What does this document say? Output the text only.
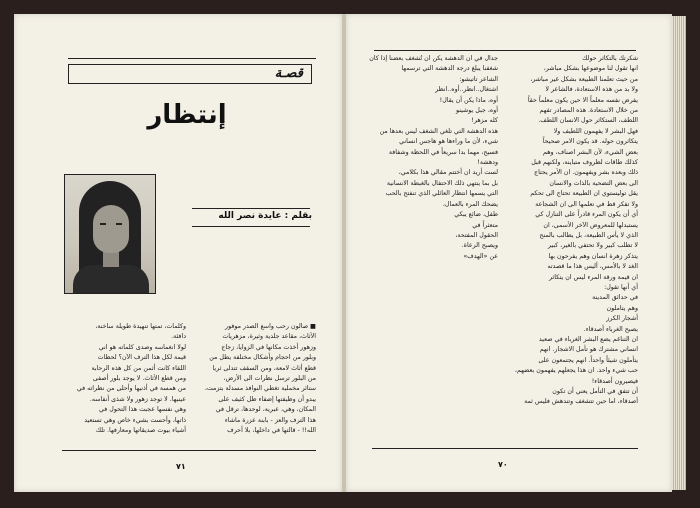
قصـة
إنتظار
بقلم : عايدة نصر الله

■ صالون رحب واسع الصدر موفور

الأثاث، مقاعد جلدية وثيرة، مزهريات

وزهور أخذت مكانها في الزوايا، زجاج

وبلور من احجام وأشكال مختلفة يطل من

قطع أثاث لامعة، ومن السقف تتدلى ثريا

من البلور ترسل نظرات الى الأرض،

ستائر مخملية تغطي النوافذ مسدلة بتزمت،

يبدو أن وظيفتها إضفاء ظل كثيف على

المكان، وهي، عبرية، لوحدها، ترقل في

هذا الترف والعز - بابنة عزرة ماشاء

الله!! - قالتها في داخلها، بلا أحرف

وكلمات، تمتها تنهيدة طويلة ساخنة،

دافئة.

لولا انغماسه وصدى كلماته هو اني

قيمة لكل هذا الترف الآن؟ لحظات

اللقاء كانت أثمن من كل هذه الرحابة

ومن قطع الأثاث. لا يوجد بلور أصفى

من همسة في أذنيها وأحلى من نظراته في

عينيها. لا توجد زهور ولا شذى أنفاسه.

وهي نفسها عجبت هذا التحول في

ذاتها، وأحست بشيء خاص وهي تستعيد

أشياء بيوت صديقاتها ومعارفها. تلك

٧١

شكرتك بالتكاثر حولك

انها تقول لنا موضوعها بشكل مباشر،

من حيث تعلمنا الطبيعة بشكل غير مباشر،

ولا بد من هذه الاستعادة، فالشاعر لا

يفرض نفسه معلماً الا حين يكون معلماً حقاً

من خلال الاستعادة. هذه المصادر تفهم

اللطف، الستكاثر حول الانسان اللطف.

فهل البشر لا يفهمون اللطيف ولا

يتكاثرون حوله. قد يكون الامر صحيحاً

بعض الشيء، لأن البشر اصناف، وهم

كذلك طاقات لظروف متباينة، ولكنهم قبل

ذلك وبعده بشر ويفهمون. ان الأمر يحتاج

الى بعض التضحية بالذات والانسان

يقل توليستوي ان الطبيعة تحتاج الى تحكم

ولا تفكر قط في تعلمها الى ان الشجاعة

أي أن يكون المرء قادراً على التنازل كي

يستبدلها للمعروض الآخر الأسمى، ان

الذي لا يأس الطبيعة، بل يطالب بالمنح

لا تطلب كبير ولا تحتفي بالغير، كبير

يتذكر زهرة انسان وهم يفرحون بها

الغد لا بالأمس، أليس هذا ما قصدته

ان قيمة ورقة المرء ليس ان يتكاثر

أي أنها تقول:

في حدائق المدينة

وهم يتاملون

أشجار الكرز

يصبح الغرباء أصدقاء.

ان التناغم يضع البشر الغرباء في صعيد

انساني مشترك هو تأمل الاشجار. انهم

يتأملون شيئاً واحداً. انهم يجتمعون على

حب شيء واحد. ان هذا يجعلهم يفهمون بعضهم،

فيصيرون أصدقاء!

أن تتفق في التأمل يعني أن تكون

أصدقاء، اما حين تتشغف وتندهش فليس ثمة

جدال في ان الدهشة يكن ان تُشغف بعضنا إذا كان

شغفنا يبلغ درجة الدهشة التي ترسمها

الشاعر تاتيشو:

اشتغال..انظر..أوه..انظر

أوه، ماذا يكن أن يقال!

أوه، جبل يوشينو

كله مزهر!

هذه الدهشة التي تلغي الشغف ليس بعدها من

شيء، لأن ما وراءها هو هاجس انساني

فسيح، مهما بدا سريعاً في اللحظة وشفافة

ودهشة!

لست أريد ان أختتم مقالي هذا بكلامي،

بل بما ينتهي ذلك الاحتفال بالغبطة الانسانية

التي يسمها انتظار العائلي الذي تنفتح بالحب

يضحك المرء بالعمال،

طفل، ضائع يبكي

متعثراً في

الحقول المفتحة،

ويصبح الرعاة.

عن «الهدف»

٧٠
